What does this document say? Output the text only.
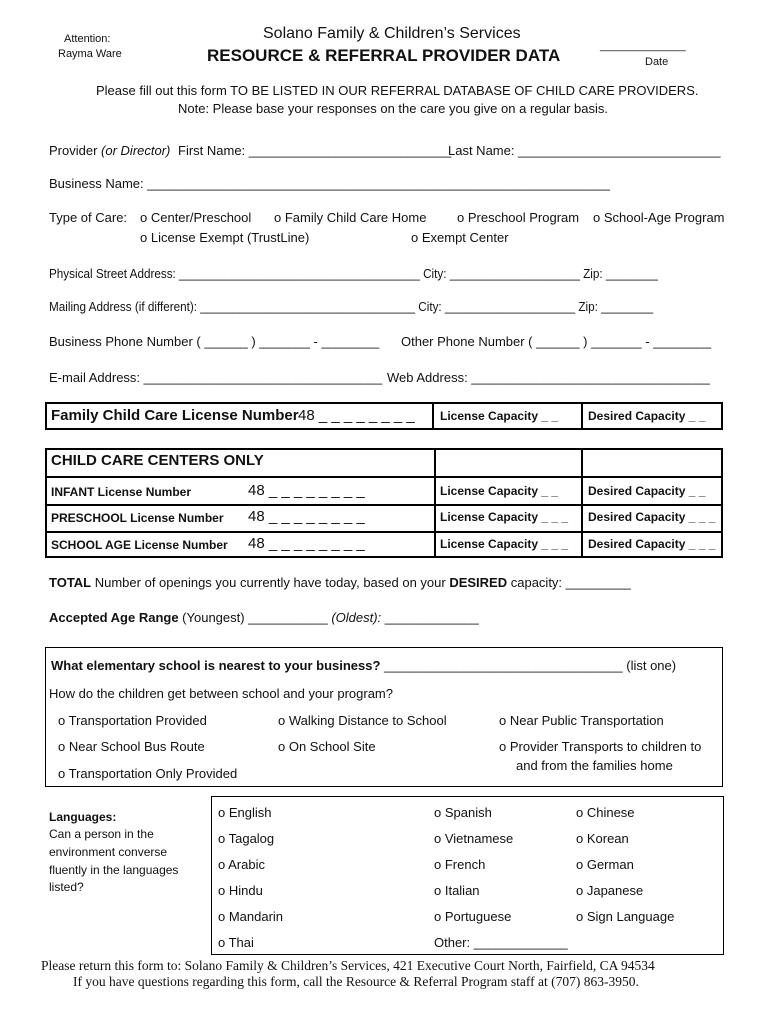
Attention:
Rayma Ware
Solano Family & Children’s Services
RESOURCE & REFERRAL PROVIDER DATA	______________
Date
Please fill out this form TO BE LISTED IN OUR REFERRAL DATABASE OF CHILD CARE PROVIDERS.
Note: Please base your responses on the care you give on a regular basis.
Provider (or Director) First Name: ____________________________
Last Name: ____________________________
Business Name: ________________________________________________________________
Type of Care: o Center/Preschool o Family Child Care Home o Preschool Program o School-Age Program
o License Exempt (TrustLine)	o Exempt Center
Physical Street Address: _____________________________________ City: ____________________ Zip: ________
Mailing Address (if different): _________________________________ City: ____________________ Zip: ________
Business Phone Number ( ______ ) _______ - ________ Other Phone Number ( ______ ) _______ - ________
E-mail Address: _________________________________ Web Address: _________________________________
Family Child Care License Number 48 _ _ _ _ _ _ _ _ License Capacity _ _ Desired Capacity _ _
CHILD CARE CENTERS ONLY
INFANT License Number	48 _ _ _ _ _ _ _ _	License Capacity _ _ Desired Capacity _ _
PRESCHOOL License Number 48 _ _ _ _ _ _ _ _	License Capacity _ _ _ Desired Capacity _ _ _
SCHOOL AGE License Number 48 _ _ _ _ _ _ _ _	License Capacity _ _ _ Desired Capacity _ _ _
TOTAL Number of openings you currently have today, based on your DESIRED capacity: _________
Accepted Age Range (Youngest) ___________ (Oldest): _____________
What elementary school is nearest to your business? _________________________________ (list one)
How do the children get between school and your program?
o Transportation Provided	o Walking Distance to School	o Near Public Transportation
o Near School Bus Route	o On School Site	o Provider Transports to children to
and from the families home
o Transportation Only Provided
Languages:
Can a person in the
environment converse
fluently in the languages
listed?
o English
o Tagalog
o Arabic
o Hindu
o Mandarin
o Thai
o Spanish
o Vietnamese
o French
o Italian
o Portuguese
Other: _____________
o Chinese
o Korean
o German
o Japanese
o Sign Language
Please return this form to: Solano Family & Children’s Services, 421 Executive Court North, Fairfield, CA 94534
If you have questions regarding this form, call the Resource & Referral Program staff at (707) 863-3950.
